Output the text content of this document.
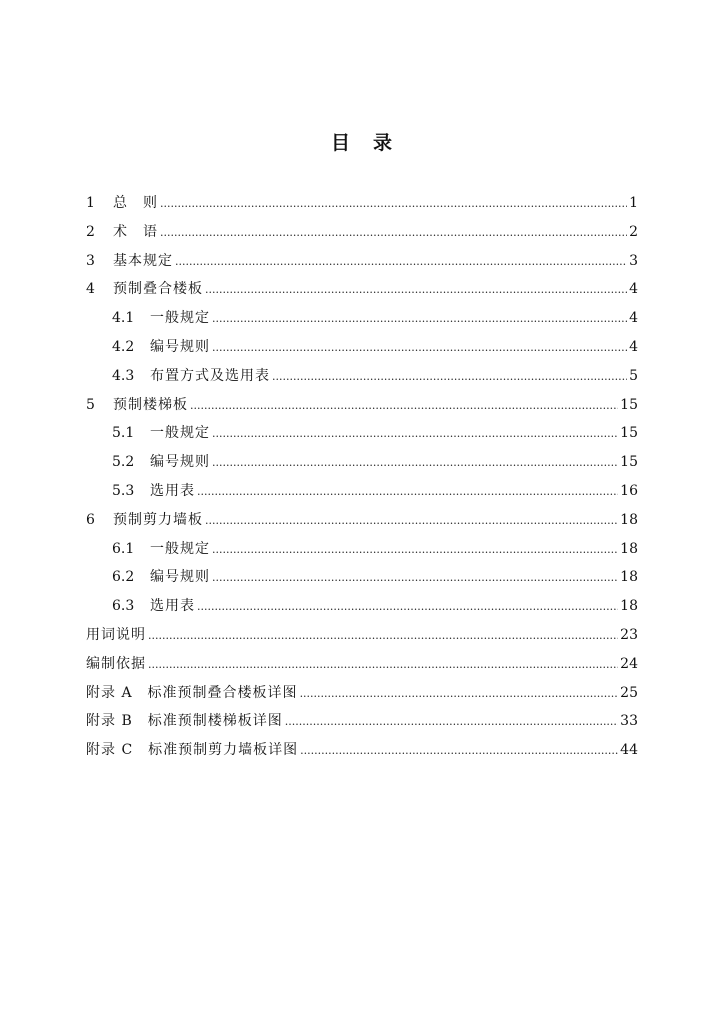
目 录
1	总　则 .....	1
2	术　语 .....	2
3	基本规定 .....	3
4	预制叠合楼板 .....	4
4.1	一般规定 .....	4
4.2	编号规则 .....	4
4.3	布置方式及选用表 .....	5
5	预制楼梯板 .....	15
5.1	一般规定 .....	15
5.2	编号规则 .....	15
5.3	选用表 .....	16
6	预制剪力墙板 .....	18
6.1	一般规定 .....	18
6.2	编号规则 .....	18
6.3	选用表 .....	18
用词说明 .....	23
编制依据 .....	24
附录 A　标准预制叠合楼板详图 .....	25
附录 B　标准预制楼梯板详图 .....	33
附录 C　标准预制剪力墙板详图 .....	44
